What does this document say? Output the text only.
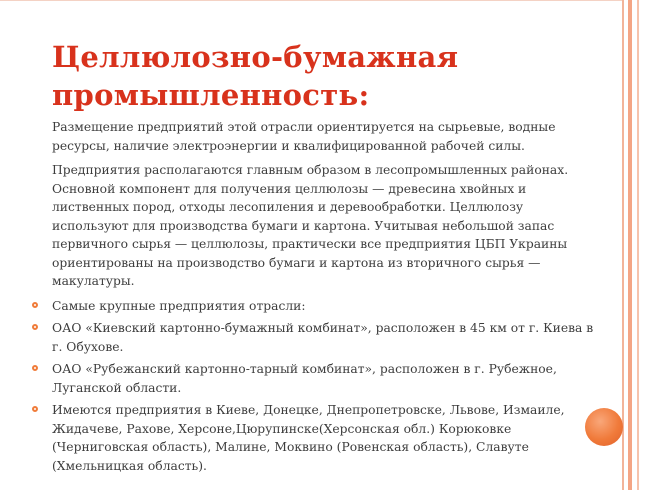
Целлюлозно-бумажная
промышленность:

Размещение предприятий этой отрасли ориентируется на сырьевые, водные ресурсы, наличие электроэнергии и квалифицированной рабочей силы.

Предприятия располагаются главным образом в лесопромышленных районах. Основной компонент для получения целлюлозы — древесина хвойных и лиственных пород, отходы лесопиления и деревообработки. Целлюлозу используют для производства бумаги и картона. Учитывая небольшой запас первичного сырья — целлюлозы, практически все предприятия ЦБП Украины ориентированы на производство бумаги и картона из вторичного сырья — макулатуры.

Самые крупные предприятия отрасли:
ОАО «Киевский картонно-бумажный комбинат», расположен в 45 км от г. Киева в г. Обухове.
ОАО «Рубежанский картонно-тарный комбинат», расположен в г. Рубежное, Луганской области.
Имеются предприятия в Киеве, Донецке, Днепропетровске, Львове, Измаиле, Жидачеве, Рахове, Херсоне,Цюрупинске(Херсонская обл.) Корюковке (Черниговская область), Малине, Моквино (Ровенская область), Славуте (Хмельницкая область).
